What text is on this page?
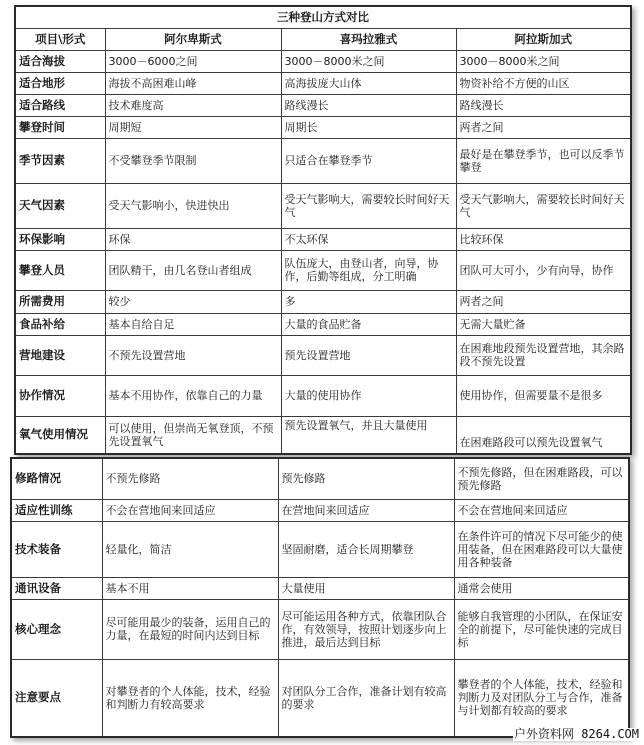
三种登山方式对比			
项目\形式	阿尔卑斯式	喜玛拉雅式	阿拉斯加式
适合海拔	3000－6000之间	3000－8000米之间	3000－8000米之间
适合地形	海拔不高困难山峰	高海拔庞大山体	物资补给不方便的山区
适合路线	技术难度高	路线漫长	路线漫长
攀登时间	周期短	周期长	两者之间
季节因素	不受攀登季节限制	只适合在攀登季节	最好是在攀登季节，也可以反季节攀登
天气因素	受天气影响小，快进快出	受天气影响大，需要较长时间好天气	受天气影响大，需要较长时间好天气
环保影响	环保	不太环保	比较环保
攀登人员	团队精干，由几名登山者组成	队伍庞大，由登山者，向导，协作，后勤等组成，分工明确	团队可大可小，少有向导，协作
所需费用	较少	多	两者之间
食品补给	基本自给自足	大量的食品贮备	无需大量贮备
营地建设	不预先设置营地	预先设置营地	在困难地段预先设置营地，其余路段不预先设置
协作情况	基本不用协作，依靠自己的力量	大量的使用协作	使用协作，但需要量不是很多
氧气使用情况	可以使用，但崇尚无氧登顶，不预先设置氧气	预先设置氧气，并且大量使用	在困难路段可以预先设置氧气
修路情况	不预先修路	预先修路	不预先修路，但在困难路段，可以预先修路
适应性训练	不会在营地间来回适应	在营地间来回适应	不会在营地间来回适应
技术装备	轻量化，简洁	坚固耐磨，适合长周期攀登	在条件许可的情况下尽可能少的使用装备，但在困难路段可以大量使用各种装备
通讯设备	基本不用	大量使用	通常会使用
核心理念	尽可能用最少的装备，运用自己的力量，在最短的时间内达到目标	尽可能运用各种方式，依靠团队合作，有效领导，按照计划逐步向上推进，最后达到目标	能够自我管理的小团队，在保证安全的前提下，尽可能快速的完成目标
注意要点	对攀登者的个人体能，技术，经验和判断力有较高要求	对团队分工合作，准备计划有较高的要求	攀登者的个人体能，技术，经验和判断力及对团队分工与合作，准备与计划都有较高的要求
户外资料网 8264.COM
